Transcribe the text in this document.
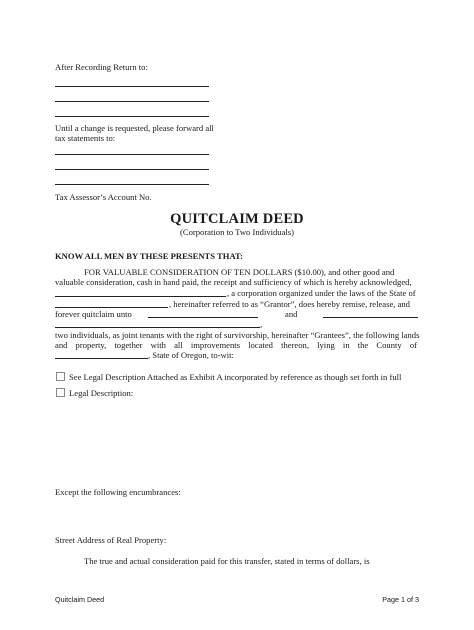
After Recording Return to:
Until a change is requested, please forward all
tax statements to:
Tax Assessor’s Account No.
QUITCLAIM DEED
(Corporation to Two Individuals)
KNOW ALL MEN BY THESE PRESENTS THAT:
FOR VALUABLE CONSIDERATION OF TEN DOLLARS ($10.00), and other good and
valuable consideration, cash in hand paid, the receipt and sufficiency of which is hereby acknowledged,
, a corporation organized under the laws of the State of
, hereinafter referred to as “Grantor”, does hereby remise, release, and
forever quitclaim unto	and
,
two individuals, as joint tenants with the right of survivorship, hereinafter “Grantees”, the following lands
and property, together with all improvements located thereon, lying in the County of
, State of Oregon, to-wit:
See Legal Description Attached as Exhibit A incorporated by reference as though set forth in full
Legal Description:
Except the following encumbrances:
Street Address of Real Property:
The true and actual consideration paid for this transfer, stated in terms of dollars, is
Quitclaim Deed	Page 1 of 3
